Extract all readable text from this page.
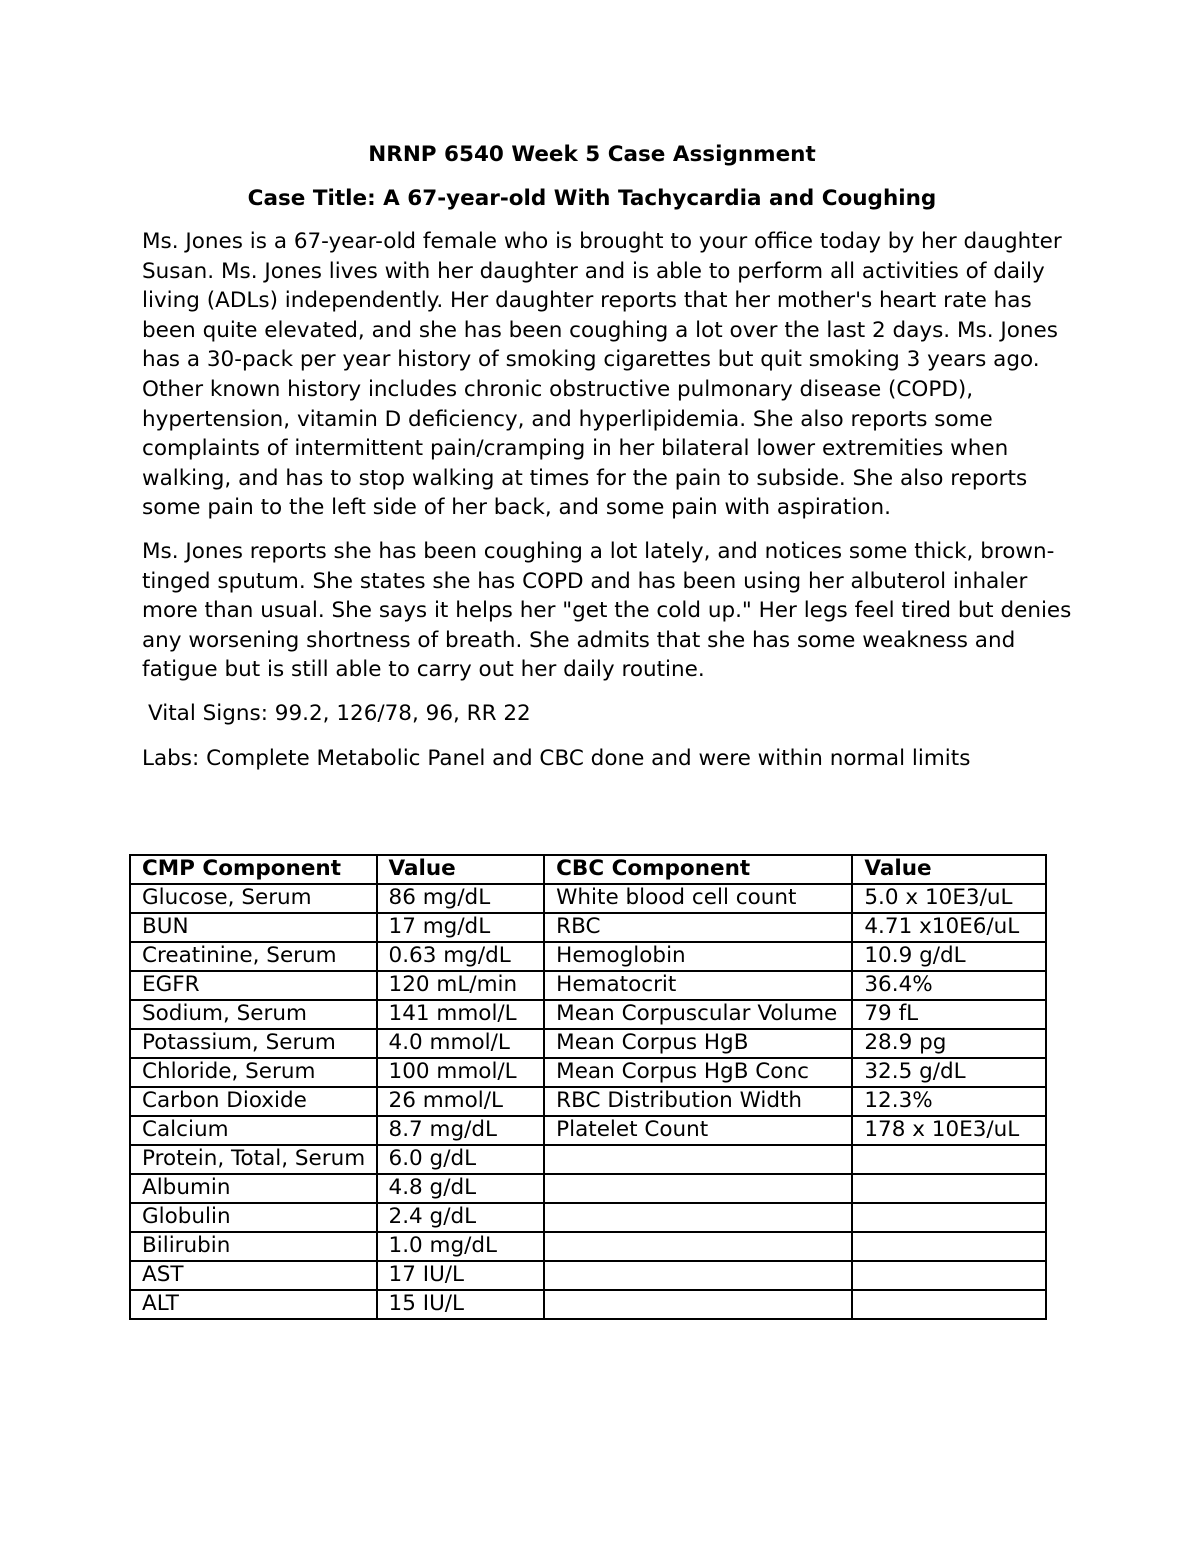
NRNP 6540 Week 5 Case Assignment
Case Title: A 67-year-old With Tachycardia and Coughing

Ms. Jones is a 67-year-old female who is brought to your office today by her daughter Susan. Ms. Jones lives with her daughter and is able to perform all activities of daily living (ADLs) independently. Her daughter reports that her mother's heart rate has been quite elevated, and she has been coughing a lot over the last 2 days. Ms. Jones has a 30-pack per year history of smoking cigarettes but quit smoking 3 years ago. Other known history includes chronic obstructive pulmonary disease (COPD), hypertension, vitamin D deficiency, and hyperlipidemia. She also reports some complaints of intermittent pain/cramping in her bilateral lower extremities when walking, and has to stop walking at times for the pain to subside. She also reports some pain to the left side of her back, and some pain with aspiration.

Ms. Jones reports she has been coughing a lot lately, and notices some thick, brown-tinged sputum. She states she has COPD and has been using her albuterol inhaler more than usual. She says it helps her "get the cold up." Her legs feel tired but denies any worsening shortness of breath. She admits that she has some weakness and fatigue but is still able to carry out her daily routine.

Vital Signs: 99.2, 126/78, 96, RR 22
Labs: Complete Metabolic Panel and CBC done and were within normal limits
CMP Component	Value	CBC Component	Value
Glucose, Serum	86 mg/dL	White blood cell count	5.0 x 10E3/uL
BUN	17 mg/dL	RBC	4.71 x10E6/uL
Creatinine, Serum	0.63 mg/dL	Hemoglobin	10.9 g/dL
EGFR	120 mL/min	Hematocrit	36.4%
Sodium, Serum	141 mmol/L	Mean Corpuscular Volume	79 fL
Potassium, Serum	4.0 mmol/L	Mean Corpus HgB	28.9 pg
Chloride, Serum	100 mmol/L	Mean Corpus HgB Conc	32.5 g/dL
Carbon Dioxide	26 mmol/L	RBC Distribution Width	12.3%
Calcium	8.7 mg/dL	Platelet Count	178 x 10E3/uL
Protein, Total, Serum	6.0 g/dL		
Albumin	4.8 g/dL		
Globulin	2.4 g/dL		
Bilirubin	1.0 mg/dL		
AST	17 IU/L		
ALT	15 IU/L		
